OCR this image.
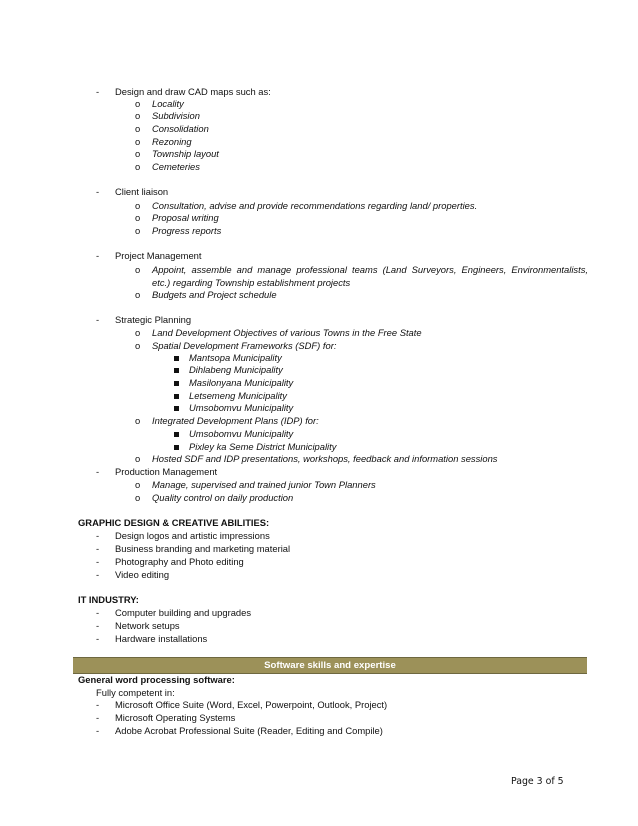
- Design and draw CAD maps such as:
o Locality
o Subdivision
o Consolidation
o Rezoning
o Township layout
o Cemeteries
- Client liaison
o Consultation, advise and provide recommendations regarding land/ properties.
o Proposal writing
o Progress reports
- Project Management
o Appoint, assemble and manage professional teams (Land Surveyors, Engineers, Environmentalists,
etc.) regarding Township establishment projects
o Budgets and Project schedule
- Strategic Planning
o Land Development Objectives of various Towns in the Free State
o Spatial Development Frameworks (SDF) for:
Mantsopa Municipality
Dihlabeng Municipality
Masilonyana Municipality
Letsemeng Municipality
Umsobomvu Municipality
o Integrated Development Plans (IDP) for:
Umsobomvu Municipality
Pixley ka Seme District Municipality
o Hosted SDF and IDP presentations, workshops, feedback and information sessions
- Production Management
o Manage, supervised and trained junior Town Planners
o Quality control on daily production
GRAPHIC DESIGN & CREATIVE ABILITIES:
- Design logos and artistic impressions
- Business branding and marketing material
- Photography and Photo editing
- Video editing
IT INDUSTRY:
- Computer building and upgrades
- Network setups
- Hardware installations
Software skills and expertise
General word processing software:
Fully competent in:
- Microsoft Office Suite (Word, Excel, Powerpoint, Outlook, Project)
- Microsoft Operating Systems
- Adobe Acrobat Professional Suite (Reader, Editing and Compile)
Page 3 of 5
